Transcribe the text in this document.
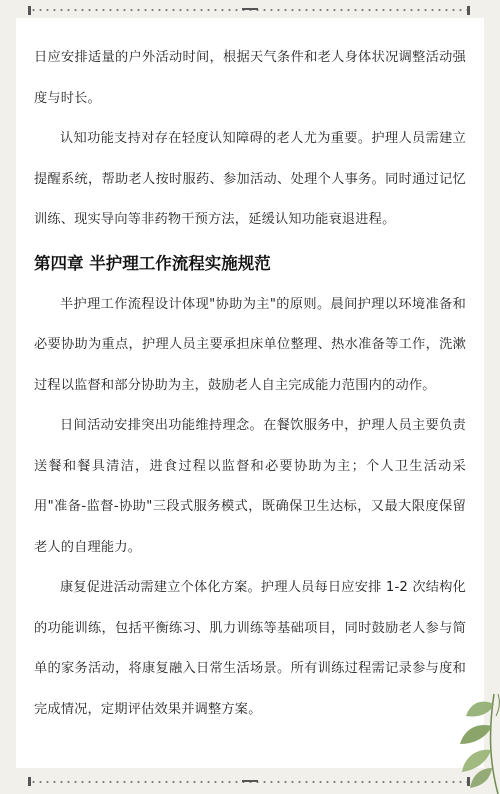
日应安排适量的户外活动时间，根据天气条件和老人身体状况调整活动强度与时长。

认知功能支持对存在轻度认知障碍的老人尤为重要。护理人员需建立提醒系统，帮助老人按时服药、参加活动、处理个人事务。同时通过记忆训练、现实导向等非药物干预方法，延缓认知功能衰退进程。

第四章 半护理工作流程实施规范

半护理工作流程设计体现"协助为主"的原则。晨间护理以环境准备和必要协助为重点，护理人员主要承担床单位整理、热水准备等工作，洗漱过程以监督和部分协助为主，鼓励老人自主完成能力范围内的动作。

日间活动安排突出功能维持理念。在餐饮服务中，护理人员主要负责送餐和餐具清洁，进食过程以监督和必要协助为主；个人卫生活动采用"准备-监督-协助"三段式服务模式，既确保卫生达标，又最大限度保留老人的自理能力。

康复促进活动需建立个体化方案。护理人员每日应安排 1-2 次结构化的功能训练，包括平衡练习、肌力训练等基础项目，同时鼓励老人参与简单的家务活动，将康复融入日常生活场景。所有训练过程需记录参与度和完成情况，定期评估效果并调整方案。
